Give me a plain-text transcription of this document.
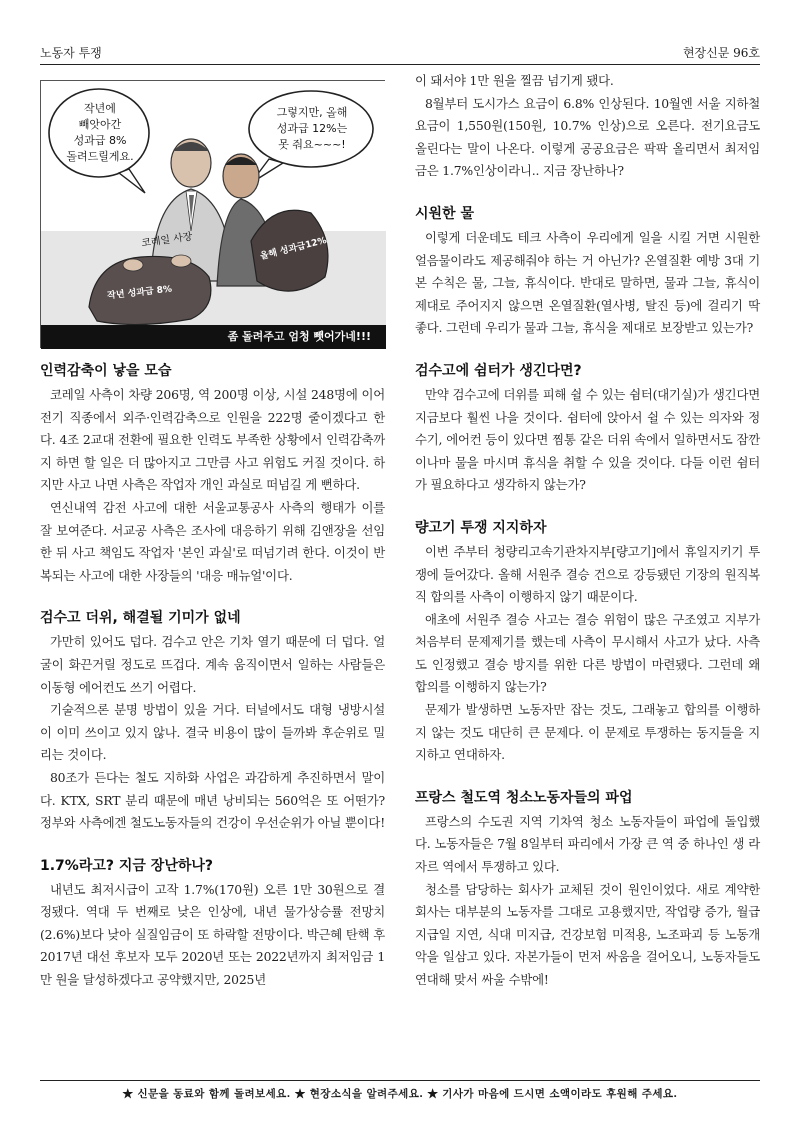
노동자 투쟁	현장신문 96호
작년에
빼앗아간
성과급 8%
돌려드릴게요.
그렇지만, 올해
성과급 12%는
못 줘요~~~!
코레일 사장	올해 성과급12%
작년 성과급 8%
좀 돌려주고 엄청 뺏어가네!!!
인력감축이 낳을 모습

코레일 사측이 차량 206명, 역 200명 이상, 시설 248명에 이어 전기 직종에서 외주·인력감축으로 인원을 222명 줄이겠다고 한다. 4조 2교대 전환에 필요한 인력도 부족한 상황에서 인력감축까지 하면 할 일은 더 많아지고 그만큼 사고 위험도 커질 것이다. 하지만 사고 나면 사측은 작업자 개인 과실로 떠넘길 게 뻔하다.

연신내역 감전 사고에 대한 서울교통공사 사측의 행태가 이를 잘 보여준다. 서교공 사측은 조사에 대응하기 위해 김앤장을 선임한 뒤 사고 책임도 작업자 '본인 과실'로 떠넘기려 한다. 이것이 반복되는 사고에 대한 사장들의 '대응 매뉴얼'이다.

검수고 더위, 해결될 기미가 없네

가만히 있어도 덥다. 검수고 안은 기차 열기 때문에 더 덥다. 얼굴이 화끈거릴 정도로 뜨겁다. 계속 움직이면서 일하는 사람들은 이동형 에어컨도 쓰기 어렵다.

기술적으론 분명 방법이 있을 거다. 터널에서도 대형 냉방시설이 이미 쓰이고 있지 않나. 결국 비용이 많이 들까봐 후순위로 밀리는 것이다.

80조가 든다는 철도 지하화 사업은 과감하게 추진하면서 말이다. KTX, SRT 분리 때문에 매년 낭비되는 560억은 또 어떤가? 정부와 사측에겐 철도노동자들의 건강이 우선순위가 아닐 뿐이다!

1.7%라고? 지금 장난하나?

내년도 최저시급이 고작 1.7%(170원) 오른 1만 30원으로 결정됐다. 역대 두 번째로 낮은 인상에, 내년 물가상승률 전망치(2.6%)보다 낮아 실질임금이 또 하락할 전망이다. 박근혜 탄핵 후 2017년 대선 후보자 모두 2020년 또는 2022년까지 최저임금 1만 원을 달성하겠다고 공약했지만, 2025년

이 돼서야 1만 원을 찔끔 넘기게 됐다.

8월부터 도시가스 요금이 6.8% 인상된다. 10월엔 서울 지하철 요금이 1,550원(150원, 10.7% 인상)으로 오른다. 전기요금도 올린다는 말이 나온다. 이렇게 공공요금은 팍팍 올리면서 최저임금은 1.7%인상이라니.. 지금 장난하나?

시원한 물

이렇게 더운데도 테크 사측이 우리에게 일을 시킬 거면 시원한 얼음물이라도 제공해줘야 하는 거 아닌가? 온열질환 예방 3대 기본 수칙은 물, 그늘, 휴식이다. 반대로 말하면, 물과 그늘, 휴식이 제대로 주어지지 않으면 온열질환(열사병, 탈진 등)에 걸리기 딱 좋다. 그런데 우리가 물과 그늘, 휴식을 제대로 보장받고 있는가?

검수고에 쉼터가 생긴다면?

만약 검수고에 더위를 피해 쉴 수 있는 쉼터(대기실)가 생긴다면 지금보다 훨씬 나을 것이다. 쉼터에 앉아서 쉴 수 있는 의자와 정수기, 에어컨 등이 있다면 찜통 같은 더위 속에서 일하면서도 잠깐이나마 물을 마시며 휴식을 취할 수 있을 것이다. 다들 이런 쉼터가 필요하다고 생각하지 않는가?

량고기 투쟁 지지하자

이번 주부터 청량리고속기관차지부[량고기]에서 휴일지키기 투쟁에 들어갔다. 올해 서원주 결승 건으로 강등됐던 기장의 원직복직 합의를 사측이 이행하지 않기 때문이다.

애초에 서원주 결승 사고는 결승 위험이 많은 구조였고 지부가 처음부터 문제제기를 했는데 사측이 무시해서 사고가 났다. 사측도 인정했고 결승 방지를 위한 다른 방법이 마련됐다. 그런데 왜 합의를 이행하지 않는가?

문제가 발생하면 노동자만 잡는 것도, 그래놓고 합의를 이행하지 않는 것도 대단히 큰 문제다. 이 문제로 투쟁하는 동지들을 지지하고 연대하자.

프랑스 철도역 청소노동자들의 파업

프랑스의 수도권 지역 기차역 청소 노동자들이 파업에 돌입했다. 노동자들은 7월 8일부터 파리에서 가장 큰 역 중 하나인 생 라자르 역에서 투쟁하고 있다.

청소를 담당하는 회사가 교체된 것이 원인이었다. 새로 계약한 회사는 대부분의 노동자를 그대로 고용했지만, 작업량 증가, 월급 지급일 지연, 식대 미지급, 건강보험 미적용, 노조파괴 등 노동개악을 일삼고 있다. 자본가들이 먼저 싸움을 걸어오니, 노동자들도 연대해 맞서 싸울 수밖에!

★ 신문을 동료와 함께 돌려보세요. ★ 현장소식을 알려주세요. ★ 기사가 마음에 드시면 소액이라도 후원해 주세요.
